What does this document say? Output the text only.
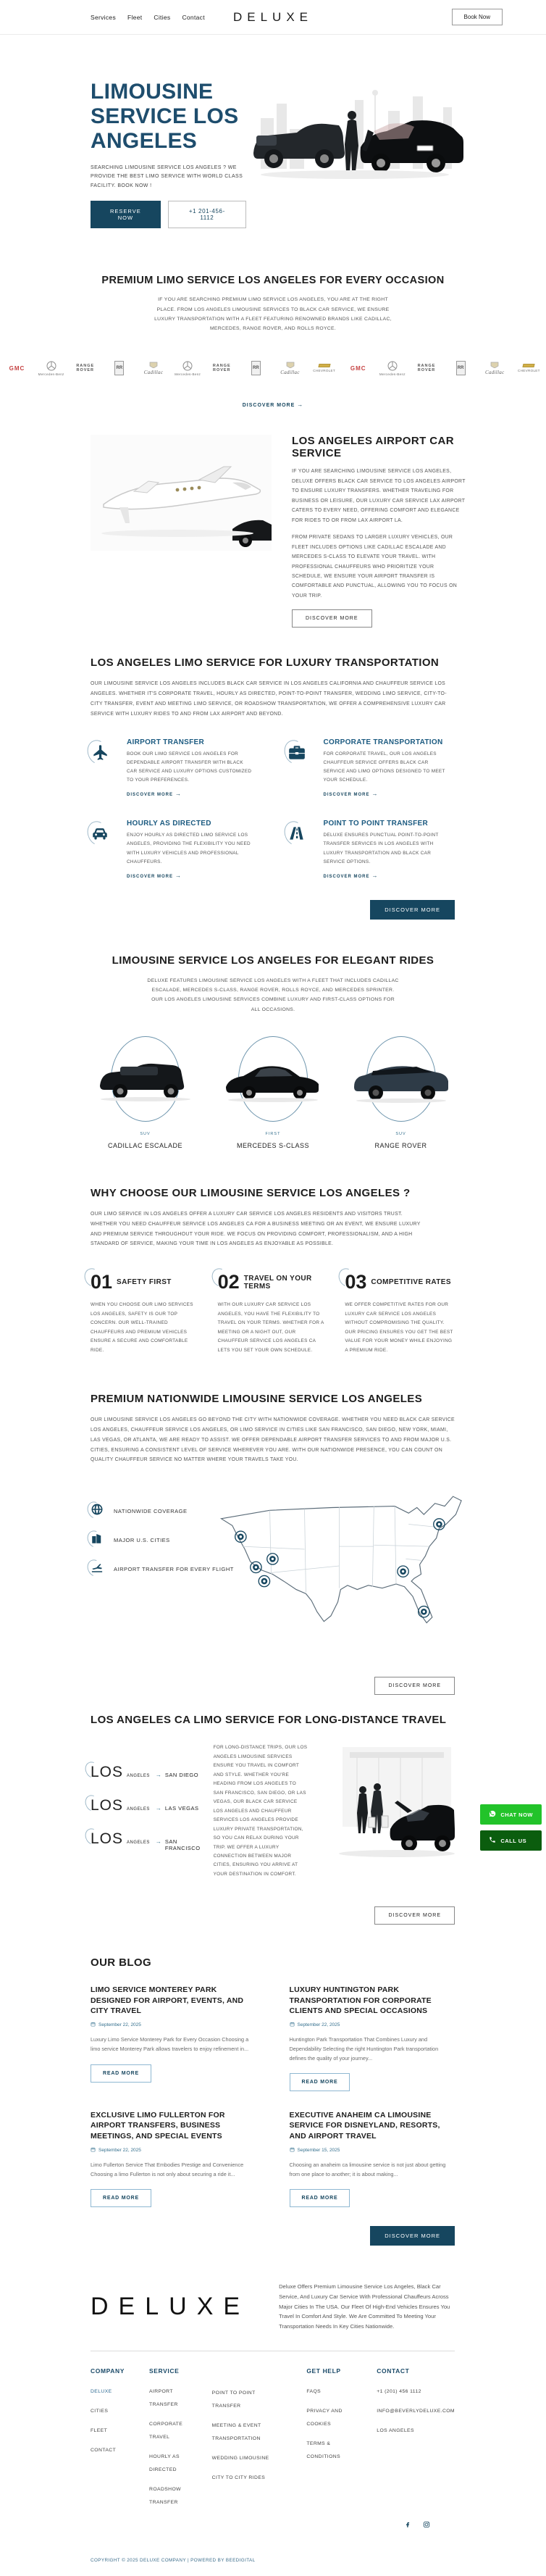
Services Fleet Cities Contact DELUXE	Book Now
LIMOUSINE SERVICE LOS ANGELES

SEARCHING LIMOUSINE SERVICE LOS ANGELES ? WE PROVIDE THE BEST LIMO SERVICE WITH WORLD CLASS FACILITY. BOOK NOW !

RESERVE NOW
+1 201-456-1112
PREMIUM LIMO SERVICE LOS ANGELES FOR EVERY OCCASION

IF YOU ARE SEARCHING PREMIUM LIMO SERVICE LOS ANGELES, YOU ARE AT THE RIGHT PLACE. FROM LOS ANGELES LIMOUSINE SERVICES TO BLACK CAR SERVICE, WE ENSURE LUXURY TRANSPORTATION WITH A FLEET FEATURING RENOWNED BRANDS LIKE CADILLAC, MERCEDES, RANGE ROVER, AND ROLLS ROYCE.

GMC
Mercedes-Benz
RANGE ROVER	RR
Cadillac	Mercedes-Benz
RANGE ROVER	RR
Cadillac	CHEVROLET	GMC
Mercedes-Benz
RANGE ROVER	RR
Cadillac	CHEVROLET
DISCOVER MORE →
LOS ANGELES AIRPORT CAR SERVICE

IF YOU ARE SEARCHING LIMOUSINE SERVICE LOS ANGELES, DELUXE OFFERS BLACK CAR SERVICE TO LOS ANGELES AIRPORT TO ENSURE LUXURY TRANSFERS. WHETHER TRAVELING FOR BUSINESS OR LEISURE, OUR LUXURY CAR SERVICE LAX AIRPORT CATERS TO EVERY NEED, OFFERING COMFORT AND ELEGANCE FOR RIDES TO OR FROM LAX AIRPORT LA.

FROM PRIVATE SEDANS TO LARGER LUXURY VEHICLES, OUR FLEET INCLUDES OPTIONS LIKE CADILLAC ESCALADE AND MERCEDES S-CLASS TO ELEVATE YOUR TRAVEL. WITH PROFESSIONAL CHAUFFEURS WHO PRIORITIZE YOUR SCHEDULE, WE ENSURE YOUR AIRPORT TRANSFER IS COMFORTABLE AND PUNCTUAL, ALLOWING YOU TO FOCUS ON YOUR TRIP.

DISCOVER MORE
LOS ANGELES LIMO SERVICE FOR LUXURY TRANSPORTATION

OUR LIMOUSINE SERVICE LOS ANGELES INCLUDES BLACK CAR SERVICE IN LOS ANGELES CALIFORNIA AND CHAUFFEUR SERVICE LOS ANGELES. WHETHER IT'S CORPORATE TRAVEL, HOURLY AS DIRECTED, POINT-TO-POINT TRANSFER, WEDDING LIMO SERVICE, CITY-TO-CITY TRANSFER, EVENT AND MEETING LIMO SERVICE, OR ROADSHOW TRANSPORTATION, WE OFFER A COMPREHENSIVE LUXURY CAR SERVICE WITH LUXURY RIDES TO AND FROM LAX AIRPORT AND BEYOND.

AIRPORT TRANSFER

BOOK OUR LIMO SERVICE LOS ANGELES FOR DEPENDABLE AIRPORT TRANSFER WITH BLACK CAR SERVICE AND LUXURY OPTIONS CUSTOMIZED TO YOUR PREFERENCES.

DISCOVER MORE →
CORPORATE TRANSPORTATION

FOR CORPORATE TRAVEL, OUR LOS ANGELES CHAUFFEUR SERVICE OFFERS BLACK CAR SERVICE AND LIMO OPTIONS DESIGNED TO MEET YOUR SCHEDULE.

DISCOVER MORE →
HOURLY AS DIRECTED

ENJOY HOURLY AS DIRECTED LIMO SERVICE LOS ANGELES, PROVIDING THE FLEXIBILITY YOU NEED WITH LUXURY VEHICLES AND PROFESSIONAL CHAUFFEURS.

DISCOVER MORE →
POINT TO POINT TRANSFER

DELUXE ENSURES PUNCTUAL POINT-TO-POINT TRANSFER SERVICES IN LOS ANGELES WITH LUXURY TRANSPORTATION AND BLACK CAR SERVICE OPTIONS.

DISCOVER MORE →
DISCOVER MORE
LIMOUSINE SERVICE LOS ANGELES FOR ELEGANT RIDES

DELUXE FEATURES LIMOUSINE SERVICE LOS ANGELES WITH A FLEET THAT INCLUDES CADILLAC ESCALADE, MERCEDES S-CLASS, RANGE ROVER, ROLLS ROYCE, AND MERCEDES SPRINTER. OUR LOS ANGELES LIMOUSINE SERVICES COMBINE LUXURY AND FIRST-CLASS OPTIONS FOR ALL OCCASIONS.

SUV
CADILLAC ESCALADE
FIRST
MERCEDES S-CLASS
SUV
RANGE ROVER
WHY CHOOSE OUR LIMOUSINE SERVICE LOS ANGELES ?

OUR LIMO SERVICE IN LOS ANGELES OFFER A LUXURY CAR SERVICE LOS ANGELES RESIDENTS AND VISITORS TRUST. WHETHER YOU NEED CHAUFFEUR SERVICE LOS ANGELES CA FOR A BUSINESS MEETING OR AN EVENT, WE ENSURE LUXURY AND PREMIUM SERVICE THROUGHOUT YOUR RIDE. WE FOCUS ON PROVIDING COMFORT, PROFESSIONALISM, AND A HIGH STANDARD OF SERVICE, MAKING YOUR TIME IN LOS ANGELES AS ENJOYABLE AS POSSIBLE.

01 SAFETY FIRST

WHEN YOU CHOOSE OUR LIMO SERVICES LOS ANGELES, SAFETY IS OUR TOP CONCERN. OUR WELL-TRAINED CHAUFFEURS AND PREMIUM VEHICLES ENSURE A SECURE AND COMFORTABLE RIDE.

02 TRAVEL ON YOUR TERMS

WITH OUR LUXURY CAR SERVICE LOS ANGELES, YOU HAVE THE FLEXIBILITY TO TRAVEL ON YOUR TERMS. WHETHER FOR A MEETING OR A NIGHT OUT, OUR CHAUFFEUR SERVICE LOS ANGELES CA LETS YOU SET YOUR OWN SCHEDULE.

03 COMPETITIVE RATES

WE OFFER COMPETITIVE RATES FOR OUR LUXURY CAR SERVICE LOS ANGELES WITHOUT COMPROMISING THE QUALITY. OUR PRICING ENSURES YOU GET THE BEST VALUE FOR YOUR MONEY WHILE ENJOYING A PREMIUM RIDE.

PREMIUM NATIONWIDE LIMOUSINE SERVICE LOS ANGELES

OUR LIMOUSINE SERVICE LOS ANGELES GO BEYOND THE CITY WITH NATIONWIDE COVERAGE. WHETHER YOU NEED BLACK CAR SERVICE LOS ANGELES, CHAUFFEUR SERVICE LOS ANGELES, OR LIMO SERVICE IN CITIES LIKE SAN FRANCISCO, SAN DIEGO, NEW YORK, MIAMI, LAS VEGAS, OR ATLANTA, WE ARE READY TO ASSIST. WE OFFER DEPENDABLE AIRPORT TRANSFER SERVICES TO AND FROM MAJOR U.S. CITIES, ENSURING A CONSISTENT LEVEL OF SERVICE WHEREVER YOU ARE. WITH OUR NATIONWIDE PRESENCE, YOU CAN COUNT ON QUALITY CHAUFFEUR SERVICE NO MATTER WHERE YOUR TRAVELS TAKE YOU.

NATIONWIDE COVERAGE
MAJOR U.S. CITIES
AIRPORT TRANSFER FOR EVERY FLIGHT
DISCOVER MORE
LOS ANGELES CA LIMO SERVICE FOR LONG-DISTANCE TRAVEL
LOS ANGELES → SAN DIEGO
LOS ANGELES → LAS VEGAS
LOS ANGELES → SAN FRANCISCO

FOR LONG-DISTANCE TRIPS, OUR LOS ANGELES LIMOUSINE SERVICES ENSURE YOU TRAVEL IN COMFORT AND STYLE. WHETHER YOU'RE HEADING FROM LOS ANGELES TO SAN FRANCISCO, SAN DIEGO, OR LAS VEGAS, OUR BLACK CAR SERVICE LOS ANGELES AND CHAUFFEUR SERVICES LOS ANGELES PROVIDE LUXURY PRIVATE TRANSPORTATION, SO YOU CAN RELAX DURING YOUR TRIP. WE OFFER A LUXURY CONNECTION BETWEEN MAJOR CITIES, ENSURING YOU ARRIVE AT YOUR DESTINATION IN COMFORT.

DISCOVER MORE
OUR BLOG
LIMO SERVICE MONTEREY PARK DESIGNED FOR AIRPORT, EVENTS, AND CITY TRAVEL
September 22, 2025

Luxury Limo Service Monterey Park for Every Occasion Choosing a limo service Monterey Park allows travelers to enjoy refinement in...

READ MORE
LUXURY HUNTINGTON PARK TRANSPORTATION FOR CORPORATE CLIENTS AND SPECIAL OCCASIONS
September 22, 2025

Huntington Park Transportation That Combines Luxury and Dependability Selecting the right Huntington Park transportation defines the quality of your journey...

READ MORE
EXCLUSIVE LIMO FULLERTON FOR AIRPORT TRANSFERS, BUSINESS MEETINGS, AND SPECIAL EVENTS
September 22, 2025

Limo Fullerton Service That Embodies Prestige and Convenience Choosing a limo Fullerton is not only about securing a ride it...

READ MORE
EXECUTIVE ANAHEIM CA LIMOUSINE SERVICE FOR DISNEYLAND, RESORTS, AND AIRPORT TRAVEL
September 15, 2025

Choosing an anaheim ca limousine service is not just about getting from one place to another; it is about making...

READ MORE
DISCOVER MORE
DELUXE

Deluxe Offers Premium Limousine Service Los Angeles, Black Car Service, And Luxury Car Service With Professional Chauffeurs Across Major Cities In The USA. Our Fleet Of High-End Vehicles Ensures You Travel In Comfort And Style. We Are Committed To Meeting Your Transportation Needs In Key Cities Nationwide.

COMPANY
DELUXE
CITIES
FLEET
CONTACT
SERVICE
AIRPORT TRANSFER
CORPORATE TRAVEL
HOURLY AS DIRECTED
ROADSHOW TRANSFER
POINT TO POINT TRANSFER
MEETING & EVENT TRANSPORTATION
WEDDING LIMOUSINE
CITY TO CITY RIDES
GET HELP
FAQS
PRIVACY AND COOKIES
TERMS & CONDITIONS
CONTACT
+1 (201) 456 1112
INFO@BEVERLYDELUXE.COM
LOS ANGELES

COPYRIGHT © 2025 DELUXE COMPANY | POWERED BY BEEDIGITAL

CHAT NOW
CALL US
